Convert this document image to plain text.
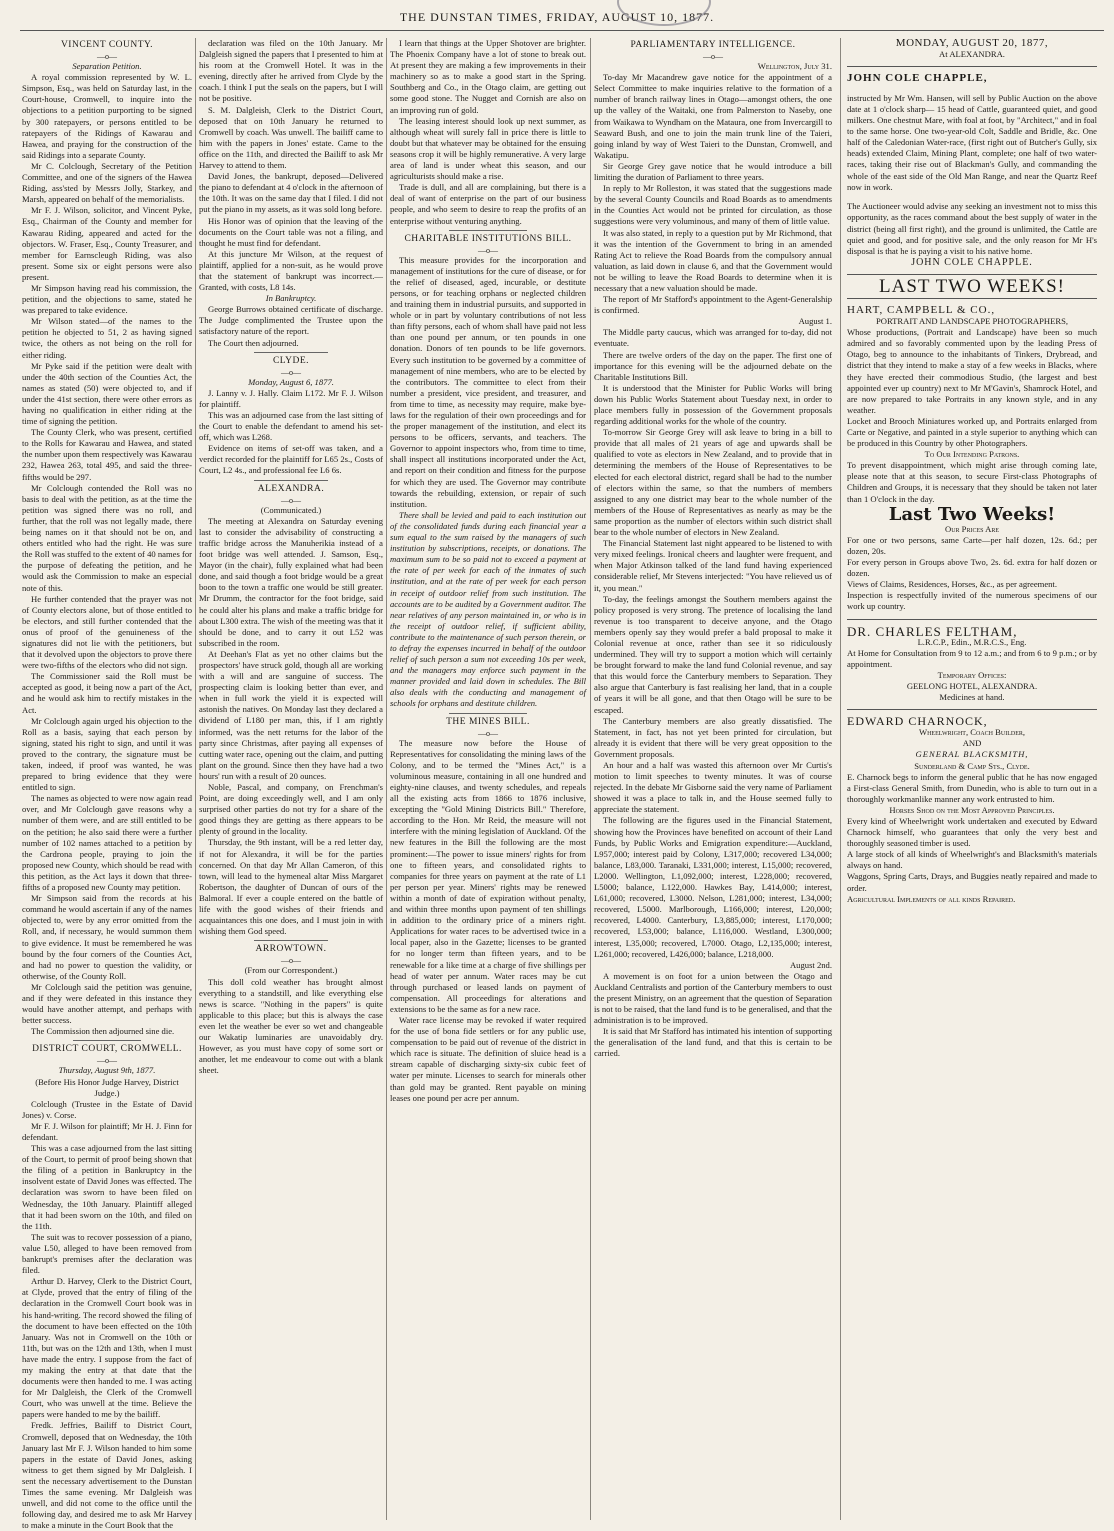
THE DUNSTAN TIMES, FRIDAY, AUGUST 10, 1877.
VINCENT COUNTY.
—o—
Separation Petition.

A royal commission represented by W. L. Simpson, Esq., was held on Saturday last, in the Court-house, Cromwell, to inquire into the objections to a petition purporting to be signed by 300 ratepayers, or persons entitled to be ratepayers of the Ridings of Kawarau and Hawea, and praying for the construction of the said Ridings into a separate County.

Mr C. Colclough, Secretary of the Petition Committee, and one of the signers of the Hawea Riding, ass'sted by Messrs Jolly, Starkey, and Marsh, appeared on behalf of the memorialists.

Mr F. J. Wilson, solicitor, and Vincent Pyke, Esq., Chairman of the County and member for Kawarau Riding, appeared and acted for the objectors. W. Fraser, Esq., County Treasurer, and member for Earnscleugh Riding, was also present. Some six or eight persons were also present.

Mr Simpson having read his commission, the petition, and the objections to same, stated he was prepared to take evidence.

Mr Wilson stated—of the names to the petition he objected to 51, 2 as having signed twice, the others as not being on the roll for either riding.

Mr Pyke said if the petition were dealt with under the 40th section of the Counties Act, the names as stated (50) were objected to, and if under the 41st section, there were other errors as having no qualification in either riding at the time of signing the petition.

The County Clerk, who was present, certified to the Rolls for Kawarau and Hawea, and stated the number upon them respectively was Kawarau 232, Hawea 263, total 495, and said the three-fifths would be 297.

Mr Colclough contended the Roll was no basis to deal with the petition, as at the time the petition was signed there was no roll, and further, that the roll was not legally made, there being names on it that should not be on, and others entitled who had the right. He was sure the Roll was stuffed to the extent of 40 names for the purpose of defeating the petition, and he would ask the Commission to make an especial note of this.

He further contended that the prayer was not of County electors alone, but of those entitled to be electors, and still further contended that the onus of proof of the genuineness of the signatures did not lie with the petitioners, but that it devolved upon the objectors to prove there were two-fifths of the electors who did not sign.

The Commissioner said the Roll must be accepted as good, it being now a part of the Act, and he would ask him to rectify mistakes in the Act.

Mr Colclough again urged his objection to the Roll as a basis, saying that each person by signing, stated his right to sign, and until it was proved to the contrary, the signature must be taken, indeed, if proof was wanted, he was prepared to bring evidence that they were entitled to sign.

The names as objected to were now again read over, and Mr Colclough gave reasons why a number of them were, and are still entitled to be on the petition; he also said there were a further number of 102 names attached to a petition by the Cardrona people, praying to join the proposed new County, which should be read with this petition, as the Act lays it down that three-fifths of a proposed new County may petition.

Mr Simpson said from the records at his command he would ascertain if any of the names objected to, were by any error omitted from the Roll, and, if necessary, he would summon them to give evidence. It must be remembered he was bound by the four corners of the Counties Act, and had no power to question the validity, or otherwise, of the County Roll.

Mr Colclough said the petition was genuine, and if they were defeated in this instance they would have another attempt, and perhaps with better success.

The Commission then adjourned sine die.

DISTRICT COURT, CROMWELL.
—o—
Thursday, August 9th, 1877.
(Before His Honor Judge Harvey, District Judge.)

Colclough (Trustee in the Estate of David Jones) v. Corse.

Mr F. J. Wilson for plaintiff; Mr H. J. Finn for defendant.

This was a case adjourned from the last sitting of the Court, to permit of proof being shown that the filing of a petition in Bankruptcy in the insolvent estate of David Jones was effected. The declaration was sworn to have been filed on Wednesday, the 10th January. Plaintiff alleged that it had been sworn on the 10th, and filed on the 11th.

The suit was to recover possession of a piano, value L50, alleged to have been removed from bankrupt's premises after the declaration was filed.

Arthur D. Harvey, Clerk to the District Court, at Clyde, proved that the entry of filing of the declaration in the Cromwell Court book was in his hand-writing. The record showed the filing of the document to have been effected on the 10th January. Was not in Cromwell on the 10th or 11th, but was on the 12th and 13th, when I must have made the entry. I suppose from the fact of my making the entry at that date that the documents were then handed to me. I was acting for Mr Dalgleish, the Clerk of the Cromwell Court, who was unwell at the time. Believe the papers were handed to me by the bailiff.

Fredk. Jeffries, Bailiff to District Court, Cromwell, deposed that on Wednesday, the 10th January last Mr F. J. Wilson handed to him some papers in the estate of David Jones, asking witness to get them signed by Mr Dalgleish. I sent the necessary advertisement to the Dunstan Times the same evening. Mr Dalgleish was unwell, and did not come to the office until the following day, and desired me to ask Mr Harvey to make a minute in the Court Book that the

declaration was filed on the 10th January. Mr Dalgleish signed the papers that I presented to him at his room at the Cromwell Hotel. It was in the evening, directly after he arrived from Clyde by the coach. I think I put the seals on the papers, but I will not be positive.

S. M. Dalgleish, Clerk to the District Court, deposed that on 10th January he returned to Cromwell by coach. Was unwell. The bailiff came to him with the papers in Jones' estate. Came to the office on the 11th, and directed the Bailiff to ask Mr Harvey to attend to them.

David Jones, the bankrupt, deposed—Delivered the piano to defendant at 4 o'clock in the afternoon of the 10th. It was on the same day that I filed. I did not put the piano in my assets, as it was sold long before.

His Honor was of opinion that the leaving of the documents on the Court table was not a filing, and thought he must find for defendant.

At this juncture Mr Wilson, at the request of plaintiff, applied for a non-suit, as he would prove that the statement of bankrupt was incorrect.—Granted, with costs, L8 14s.

In Bankruptcy.

George Burrows obtained certificate of discharge. The Judge complimented the Trustee upon the satisfactory nature of the report.

The Court then adjourned.

CLYDE.
—o—
Monday, August 6, 1877.

J. Lanny v. J. Hally. Claim L172. Mr F. J. Wilson for plaintiff.

This was an adjourned case from the last sitting of the Court to enable the defendant to amend his set-off, which was L268.

Evidence on items of set-off was taken, and a verdict recorded for the plaintiff for L65 2s., Costs of Court, L2 4s., and professional fee L6 6s.

ALEXANDRA.
—o—
(Communicated.)

The meeting at Alexandra on Saturday evening last to consider the advisability of constructing a traffic bridge across the Manuherikia instead of a foot bridge was well attended. J. Samson, Esq., Mayor (in the chair), fully explained what had been done, and said though a foot bridge would be a great boon to the town a traffic one would be still greater. Mr Drumm, the contractor for the foot bridge, said he could alter his plans and make a traffic bridge for about L300 extra. The wish of the meeting was that it should be done, and to carry it out L52 was subscribed in the room.

At Deehan's Flat as yet no other claims but the prospectors' have struck gold, though all are working with a will and are sanguine of success. The prospecting claim is looking better than ever, and when in full work the yield it is expected will astonish the natives. On Monday last they declared a dividend of L180 per man, this, if I am rightly informed, was the nett returns for the labor of the party since Christmas, after paying all expenses of cutting water race, opening out the claim, and putting plant on the ground. Since then they have had a two hours' run with a result of 20 ounces.

Noble, Pascal, and company, on Frenchman's Point, are doing exceedingly well, and I am only surprised other parties do not try for a share of the good things they are getting as there appears to be plenty of ground in the locality.

Thursday, the 9th instant, will be a red letter day, if not for Alexandra, it will be for the parties concerned. On that day Mr Allan Cameron, of this town, will lead to the hymeneal altar Miss Margaret Robertson, the daughter of Duncan of ours of the Balmoral. If ever a couple entered on the battle of life with the good wishes of their friends and acquaintances this one does, and I must join in with wishing them God speed.

ARROWTOWN.
—o—
(From our Correspondent.)

This doll cold weather has brought almost everything to a standstill, and like everything else news is scarce. "Nothing in the papers" is quite applicable to this place; but this is always the case even let the weather be ever so wet and changeable our Wakatip luminaries are unavoidably dry. However, as you must have copy of some sort or another, let me endeavour to come out with a blank sheet.

I learn that things at the Upper Shotover are brighter. The Phoenix Company have a lot of stone to break out. At present they are making a few improvements in their machinery so as to make a good start in the Spring. Southberg and Co., in the Otago claim, are getting out some good stone. The Nugget and Cornish are also on an improving run of gold.

The leasing interest should look up next summer, as although wheat will surely fall in price there is little to doubt but that whatever may be obtained for the ensuing seasons crop it will be highly remunerative. A very large area of land is under wheat this season, and our agriculturists should make a rise.

Trade is dull, and all are complaining, but there is a deal of want of enterprise on the part of our business people, and who seem to desire to reap the profits of an enterprise without venturing anything.

CHARITABLE INSTITUTIONS BILL.
—o—

This measure provides for the incorporation and management of institutions for the cure of disease, or for the relief of diseased, aged, incurable, or destitute persons, or for teaching orphans or neglected children and training them in industrial pursuits, and supported in whole or in part by voluntary contributions of not less than fifty persons, each of whom shall have paid not less than one pound per annum, or ten pounds in one donation. Donors of ten pounds to be life governors. Every such institution to be governed by a committee of management of nine members, who are to be elected by the contributors. The committee to elect from their number a president, vice president, and treasurer, and from time to time, as necessity may require, make bye-laws for the regulation of their own proceedings and for the proper management of the institution, and elect its persons to be officers, servants, and teachers. The Governor to appoint inspectors who, from time to time, shall inspect all institutions incorporated under the Act, and report on their condition and fitness for the purpose for which they are used. The Governor may contribute towards the rebuilding, extension, or repair of such institution.

There shall be levied and paid to each institution out of the consolidated funds during each financial year a sum equal to the sum raised by the managers of such institution by subscriptions, receipts, or donations. The maximum sum to be so paid not to exceed a payment at the rate of per week for each of the inmates of such institution, and at the rate of per week for each person in receipt of outdoor relief from such institution. The accounts are to be audited by a Government auditor. The near relatives of any person maintained in, or who is in the receipt of outdoor relief, if sufficient ability, contribute to the maintenance of such person therein, or to defray the expenses incurred in behalf of the outdoor relief of such person a sum not exceeding 10s per week, and the managers may enforce such payment in the manner provided and laid down in schedules. The Bill also deals with the conducting and management of schools for orphans and destitute children.

THE MINES BILL.
—o—

The measure now before the House of Representatives for consolidating the mining laws of the Colony, and to be termed the "Mines Act," is a voluminous measure, containing in all one hundred and eighty-nine clauses, and twenty schedules, and repeals all the existing acts from 1866 to 1876 inclusive, excepting the "Gold Mining Districts Bill." Therefore, according to the Hon. Mr Reid, the measure will not interfere with the mining legislation of Auckland. Of the new features in the Bill the following are the most prominent:—The power to issue miners' rights for from one to fifteen years, and consolidated rights to companies for three years on payment at the rate of L1 per person per year. Miners' rights may be renewed within a month of date of expiration without penalty, and within three months upon payment of ten shillings in addition to the ordinary price of a miners right. Applications for water races to be advertised twice in a local paper, also in the Gazette; licenses to be granted for no longer term than fifteen years, and to be renewable for a like time at a charge of five shillings per head of water per annum. Water races may be cut through purchased or leased lands on payment of compensation. All proceedings for alterations and extensions to be the same as for a new race.

Water race license may be revoked if water required for the use of bona fide settlers or for any public use, compensation to be paid out of revenue of the district in which race is situate. The definition of sluice head is a stream capable of discharging sixty-six cubic feet of water per minute. Licenses to search for minerals other than gold may be granted. Rent payable on mining leases one pound per acre per annum.

PARLIAMENTARY INTELLIGENCE.
—o—
Wellington, July 31.

To-day Mr Macandrew gave notice for the appointment of a Select Committee to make inquiries relative to the formation of a number of branch railway lines in Otago—amongst others, the one up the valley of the Waitaki, one from Palmerston to Naseby, one from Waikawa to Wyndham on the Mataura, one from Invercargill to Seaward Bush, and one to join the main trunk line of the Taieri, going inland by way of West Taieri to the Dunstan, Cromwell, and Wakatipu.

Sir George Grey gave notice that he would introduce a bill limiting the duration of Parliament to three years.

In reply to Mr Rolleston, it was stated that the suggestions made by the several County Councils and Road Boards as to amendments in the Counties Act would not be printed for circulation, as those suggestions were very voluminous, and many of them of little value.

It was also stated, in reply to a question put by Mr Richmond, that it was the intention of the Government to bring in an amended Rating Act to relieve the Road Boards from the compulsory annual valuation, as laid down in clause 6, and that the Government would not be willing to leave the Road Boards to determine when it is necessary that a new valuation should be made.

The report of Mr Stafford's appointment to the Agent-Generalship is confirmed.

August 1.

The Middle party caucus, which was arranged for to-day, did not eventuate.

There are twelve orders of the day on the paper. The first one of importance for this evening will be the adjourned debate on the Charitable Institutions Bill.

It is understood that the Minister for Public Works will bring down his Public Works Statement about Tuesday next, in order to place members fully in possession of the Government proposals regarding additional works for the whole of the country.

To-morrow Sir George Grey will ask leave to bring in a bill to provide that all males of 21 years of age and upwards shall be qualified to vote as electors in New Zealand, and to provide that in determining the members of the House of Representatives to be elected for each electoral district, regard shall be had to the number of electors within the same, so that the numbers of members assigned to any one district may bear to the whole number of the members of the House of Representatives as nearly as may be the same proportion as the number of electors within such district shall bear to the whole number of electors in New Zealand.

The Financial Statement last night appeared to be listened to with very mixed feelings. Ironical cheers and laughter were frequent, and when Major Atkinson talked of the land fund having experienced considerable relief, Mr Stevens interjected: "You have relieved us of it, you mean."

To-day, the feelings amongst the Southern members against the policy proposed is very strong. The pretence of localising the land revenue is too transparent to deceive anyone, and the Otago members openly say they would prefer a bald proposal to make it Colonial revenue at once, rather than see it so ridiculously undermined. They will try to support a motion which will certainly be brought forward to make the land fund Colonial revenue, and say that this would force the Canterbury members to Separation. They also argue that Canterbury is fast realising her land, that in a couple of years it will be all gone, and that then Otago will be sure to be escaped.

The Canterbury members are also greatly dissatisfied. The Statement, in fact, has not yet been printed for circulation, but already it is evident that there will be very great opposition to the Government proposals.

An hour and a half was wasted this afternoon over Mr Curtis's motion to limit speeches to twenty minutes. It was of course rejected. In the debate Mr Gisborne said the very name of Parliament showed it was a place to talk in, and the House seemed fully to appreciate the statement.

The following are the figures used in the Financial Statement, showing how the Provinces have benefited on account of their Land Funds, by Public Works and Emigration expenditure:—Auckland, L957,000; interest paid by Colony, L317,000; recovered L34,000; balance, L83,000. Taranaki, L331,000; interest, L15,000; recovered, L2000. Wellington, L1,092,000; interest, L228,000; recovered, L5000; balance, L122,000. Hawkes Bay, L414,000; interest, L61,000; recovered, L3000. Nelson, L281,000; interest, L34,000; recovered, L5000. Marlborough, L166,000; interest, L20,000; recovered, L4000. Canterbury, L3,885,000; interest, L170,000; recovered, L53,000; balance, L116,000. Westland, L300,000; interest, L35,000; recovered, L7000. Otago, L2,135,000; interest, L261,000; recovered, L426,000; balance, L218,000.

August 2nd.

A movement is on foot for a union between the Otago and Auckland Centralists and portion of the Canterbury members to oust the present Ministry, on an agreement that the question of Separation is not to be raised, that the land fund is to be generalised, and that the administration is to be improved.

It is said that Mr Stafford has intimated his intention of supporting the generalisation of the land fund, and that this is certain to be carried.

MONDAY, AUGUST 20, 1877,
At ALEXANDRA.
JOHN COLE CHAPPLE,

instructed by Mr Wm. Hansen, will sell by Public Auction on the above date at 1 o'clock sharp— 15 head of Cattle, guaranteed quiet, and good milkers. One chestnut Mare, with foal at foot, by "Architect," and in foal to the same horse. One two-year-old Colt, Saddle and Bridle, &c. One half of the Caledonian Water-race, (first right out of Butcher's Gully, six heads) extended Claim, Mining Plant, complete; one half of two water-races, taking their rise out of Blackman's Gully, and commanding the whole of the east side of the Old Man Range, and near the Quartz Reef now in work.

The Auctioneer would advise any seeking an investment not to miss this opportunity, as the races command about the best supply of water in the district (being all first right), and the ground is unlimited, the Cattle are quiet and good, and for positive sale, and the only reason for Mr H's disposal is that he is paying a visit to his native home.

JOHN COLE CHAPPLE.
LAST TWO WEEKS!
HART, CAMPBELL & CO.,
PORTRAIT AND LANDSCAPE PHOTOGRAPHERS,

Whose productions, (Portrait and Landscape) have been so much admired and so favorably commented upon by the leading Press of Otago, beg to announce to the inhabitants of Tinkers, Drybread, and district that they intend to make a stay of a few weeks in Blacks, where they have erected their commodious Studio, (the largest and best appointed ever up country) next to Mr M'Gavin's, Shamrock Hotel, and are now prepared to take Portraits in any known style, and in any weather.

Locket and Brooch Miniatures worked up, and Portraits enlarged from Carte or Negative, and painted in a style superior to anything which can be produced in this Country by other Photographers.

To Our Intending Patrons.

To prevent disappointment, which might arise through coming late, please note that at this season, to secure First-class Photographs of Children and Groups, it is necessary that they should be taken not later than 1 O'clock in the day.

Last Two Weeks!
Our Prices Are

For one or two persons, same Carte—per half dozen, 12s. 6d.; per dozen, 20s.

For every person in Groups above Two, 2s. 6d. extra for half dozen or dozen.

Views of Claims, Residences, Horses, &c., as per agreement.

Inspection is respectfully invited of the numerous specimens of our work up country.

DR. CHARLES FELTHAM,
L.R.C.P., Edin., M.R.C.S., Eng.

At Home for Consultation from 9 to 12 a.m.; and from 6 to 9 p.m.; or by appointment.

Temporary Offices:
GEELONG HOTEL, ALEXANDRA.
Medicines at hand.
EDWARD CHARNOCK,
Wheelwright, Coach Builder,
AND
GENERAL BLACKSMITH,
Sunderland & Camp Sts., Clyde.

E. Charnock begs to inform the general public that he has now engaged a First-class General Smith, from Dunedin, who is able to turn out in a thoroughly workmanlike manner any work entrusted to him.

Horses Shod on the Most Approved Principles.

Every kind of Wheelwright work undertaken and executed by Edward Charnock himself, who guarantees that only the very best and thoroughly seasoned timber is used.

A large stock of all kinds of Wheelwright's and Blacksmith's materials always on hand.

Waggons, Spring Carts, Drays, and Buggies neatly repaired and made to order.

Agricultural Implements of all kinds Repaired.
